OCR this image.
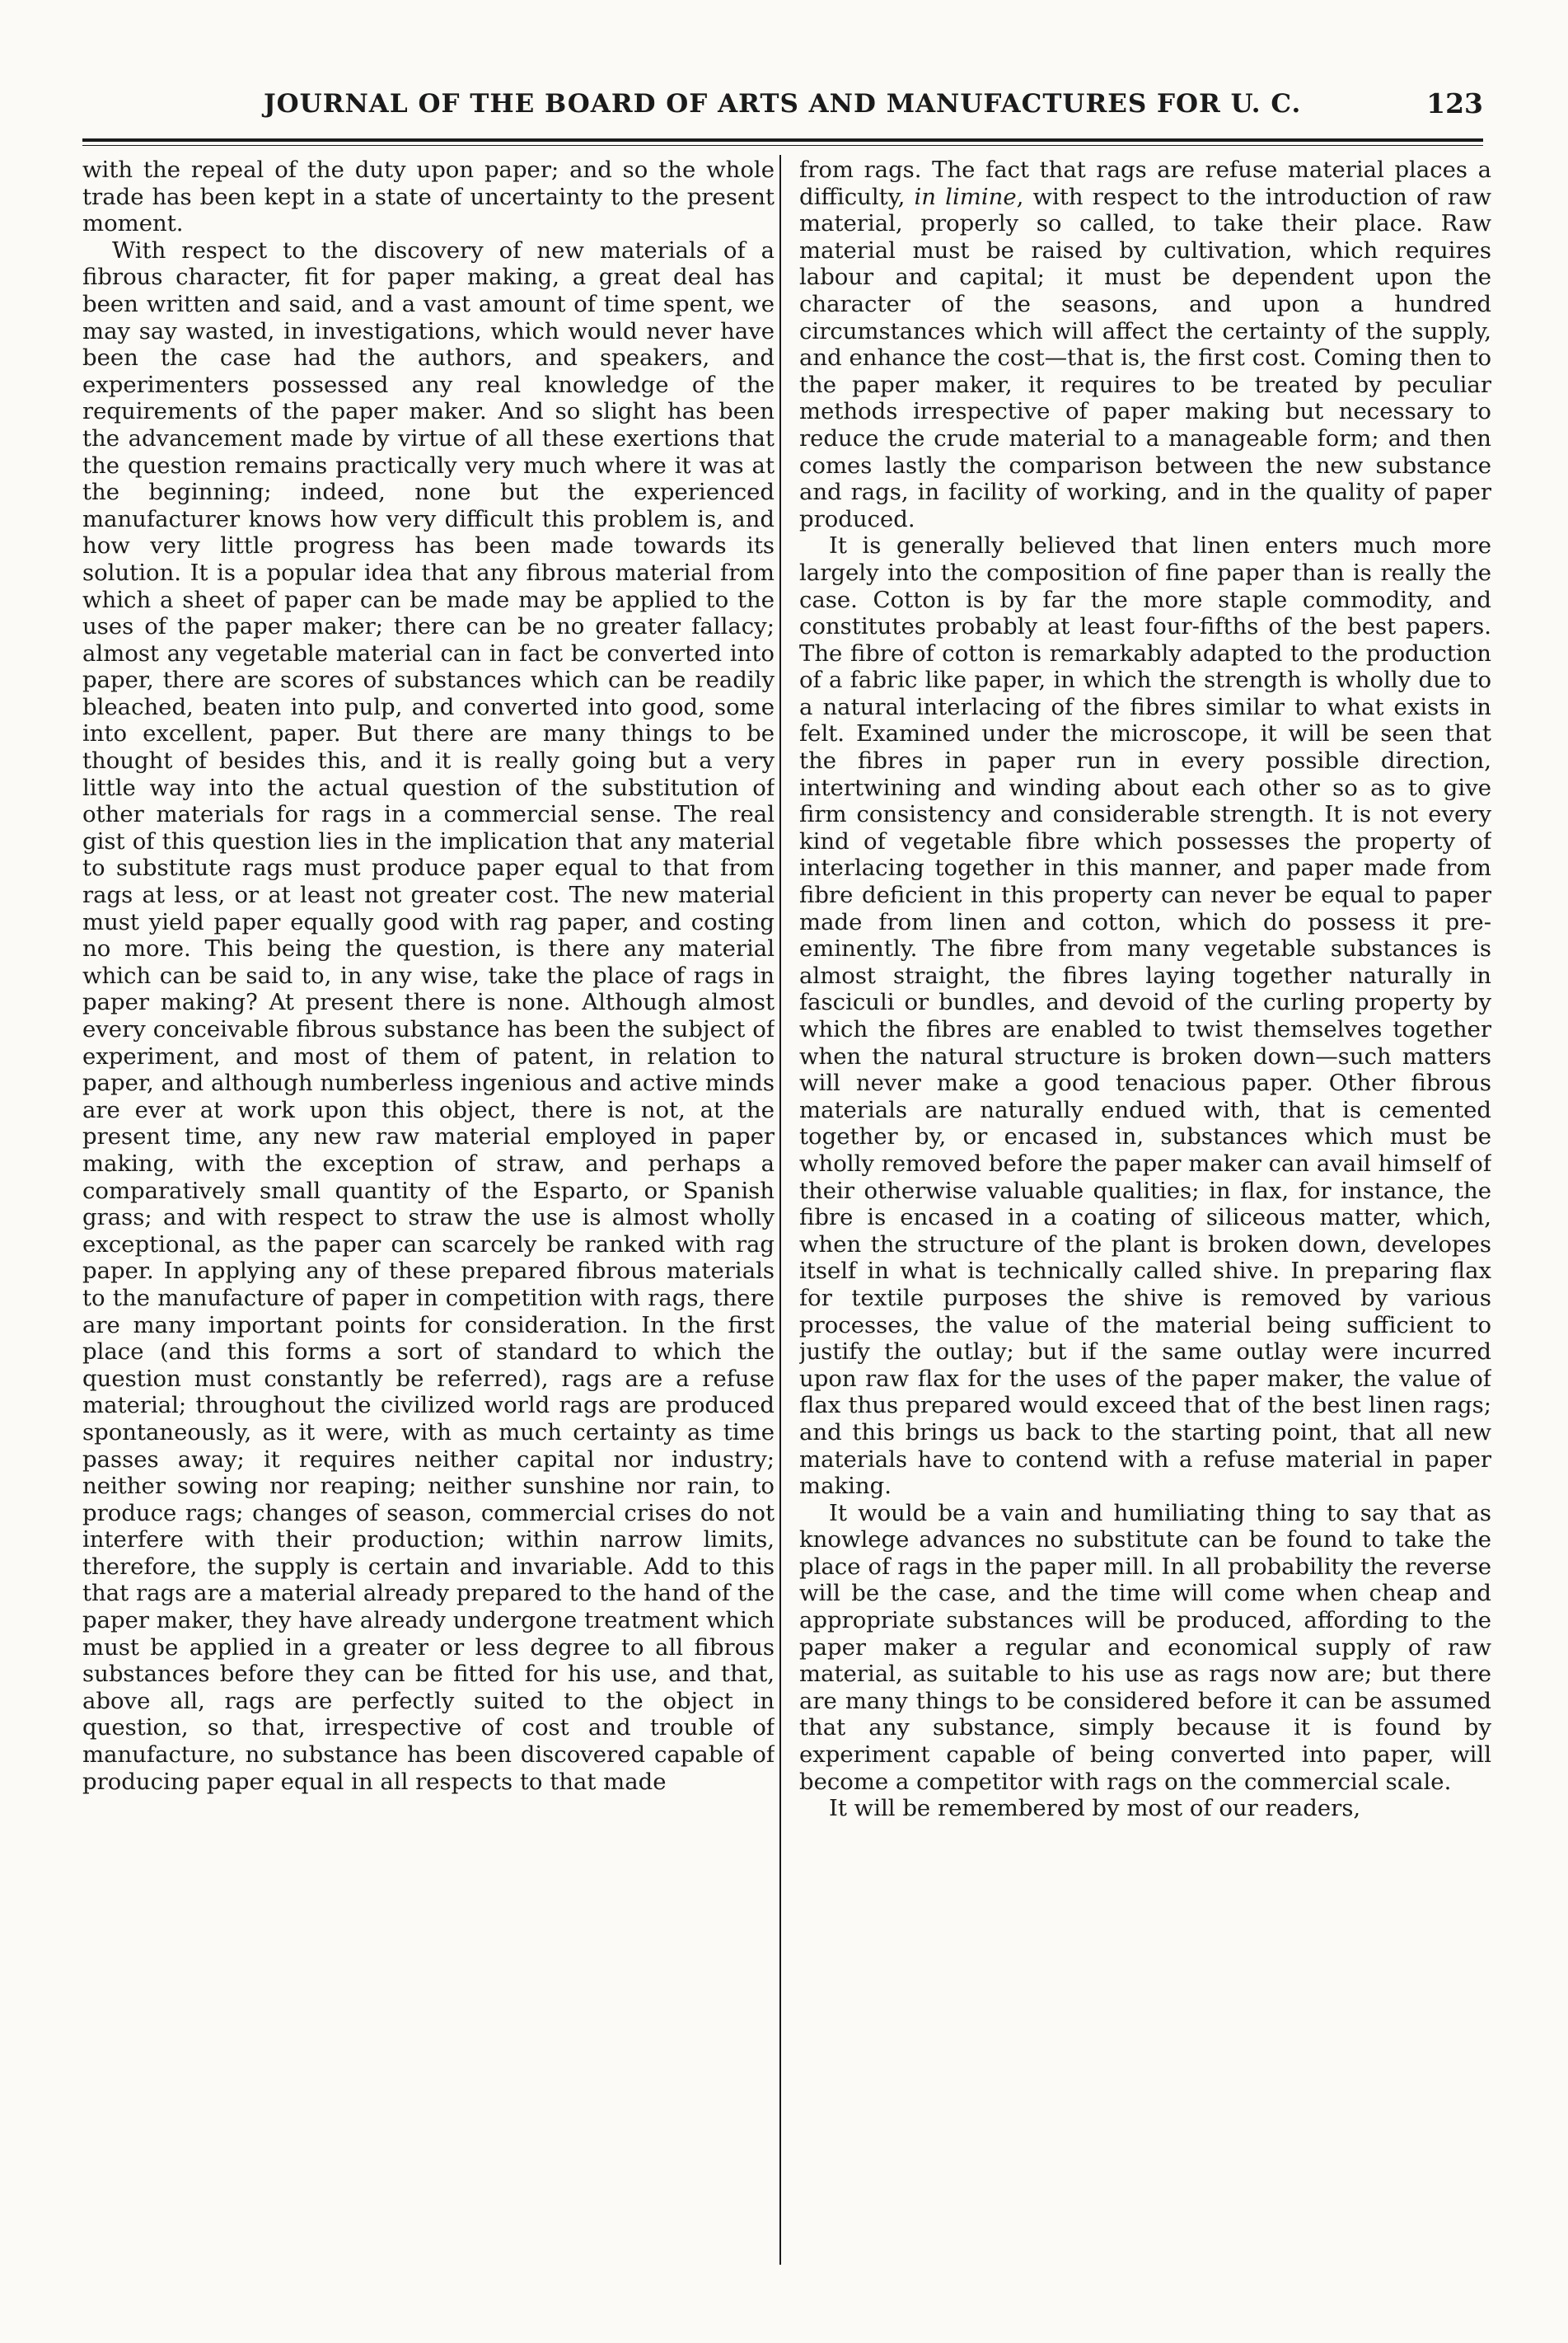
JOURNAL OF THE BOARD OF ARTS AND MANUFACTURES FOR U. C.	123

with the repeal of the duty upon paper; and so the whole trade has been kept in a state of uncertainty to the present moment.

With respect to the discovery of new materials of a fibrous character, fit for paper making, a great deal has been written and said, and a vast amount of time spent, we may say wasted, in investigations, which would never have been the case had the authors, and speakers, and experimenters possessed any real knowledge of the requirements of the paper maker. And so slight has been the advancement made by virtue of all these exertions that the question remains practically very much where it was at the beginning; indeed, none but the experienced manufacturer knows how very difficult this problem is, and how very little progress has been made towards its solution. It is a popular idea that any fibrous material from which a sheet of paper can be made may be applied to the uses of the paper maker; there can be no greater fallacy; almost any vegetable material can in fact be converted into paper, there are scores of substances which can be readily bleached, beaten into pulp, and converted into good, some into excellent, paper. But there are many things to be thought of besides this, and it is really going but a very little way into the actual question of the substitution of other materials for rags in a commercial sense. The real gist of this question lies in the implication that any material to substitute rags must produce paper equal to that from rags at less, or at least not greater cost. The new material must yield paper equally good with rag paper, and costing no more. This being the question, is there any material which can be said to, in any wise, take the place of rags in paper making? At present there is none. Although almost every conceivable fibrous substance has been the subject of experiment, and most of them of patent, in relation to paper, and although numberless ingenious and active minds are ever at work upon this object, there is not, at the present time, any new raw material employed in paper making, with the exception of straw, and perhaps a comparatively small quantity of the Esparto, or Spanish grass; and with respect to straw the use is almost wholly exceptional, as the paper can scarcely be ranked with rag paper. In applying any of these prepared fibrous materials to the manufacture of paper in competition with rags, there are many important points for consideration. In the first place (and this forms a sort of standard to which the question must constantly be referred), rags are a refuse material; throughout the civilized world rags are produced spontaneously, as it were, with as much certainty as time passes away; it requires neither capital nor industry; neither sowing nor reaping; neither sunshine nor rain, to produce rags; changes of season, commercial crises do not interfere with their production; within narrow limits, therefore, the supply is certain and invariable. Add to this that rags are a material already prepared to the hand of the paper maker, they have already undergone treatment which must be applied in a greater or less degree to all fibrous substances before they can be fitted for his use, and that, above all, rags are perfectly suited to the object in question, so that, irrespective of cost and trouble of manufacture, no substance has been discovered capable of producing paper equal in all respects to that made

from rags. The fact that rags are refuse material places a difficulty, in limine, with respect to the introduction of raw material, properly so called, to take their place. Raw material must be raised by cultivation, which requires labour and capital; it must be dependent upon the character of the seasons, and upon a hundred circumstances which will affect the certainty of the supply, and enhance the cost—that is, the first cost. Coming then to the paper maker, it requires to be treated by peculiar methods irrespective of paper making but necessary to reduce the crude material to a manageable form; and then comes lastly the comparison between the new substance and rags, in facility of working, and in the quality of paper produced.

It is generally believed that linen enters much more largely into the composition of fine paper than is really the case. Cotton is by far the more staple commodity, and constitutes probably at least four-fifths of the best papers. The fibre of cotton is remarkably adapted to the production of a fabric like paper, in which the strength is wholly due to a natural interlacing of the fibres similar to what exists in felt. Examined under the microscope, it will be seen that the fibres in paper run in every possible direction, intertwining and winding about each other so as to give firm consistency and considerable strength. It is not every kind of vegetable fibre which possesses the property of interlacing together in this manner, and paper made from fibre deficient in this property can never be equal to paper made from linen and cotton, which do possess it pre-eminently. The fibre from many vegetable substances is almost straight, the fibres laying together naturally in fasciculi or bundles, and devoid of the curling property by which the fibres are enabled to twist themselves together when the natural structure is broken down—such matters will never make a good tenacious paper. Other fibrous materials are naturally endued with, that is cemented together by, or encased in, substances which must be wholly removed before the paper maker can avail himself of their otherwise valuable qualities; in flax, for instance, the fibre is encased in a coating of siliceous matter, which, when the structure of the plant is broken down, developes itself in what is technically called shive. In preparing flax for textile purposes the shive is removed by various processes, the value of the material being sufficient to justify the outlay; but if the same outlay were incurred upon raw flax for the uses of the paper maker, the value of flax thus prepared would exceed that of the best linen rags; and this brings us back to the starting point, that all new materials have to contend with a refuse material in paper making.

It would be a vain and humiliating thing to say that as knowlege advances no substitute can be found to take the place of rags in the paper mill. In all probability the reverse will be the case, and the time will come when cheap and appropriate substances will be produced, affording to the paper maker a regular and economical supply of raw material, as suitable to his use as rags now are; but there are many things to be considered before it can be assumed that any substance, simply because it is found by experiment capable of being converted into paper, will become a competitor with rags on the commercial scale.

It will be remembered by most of our readers,
